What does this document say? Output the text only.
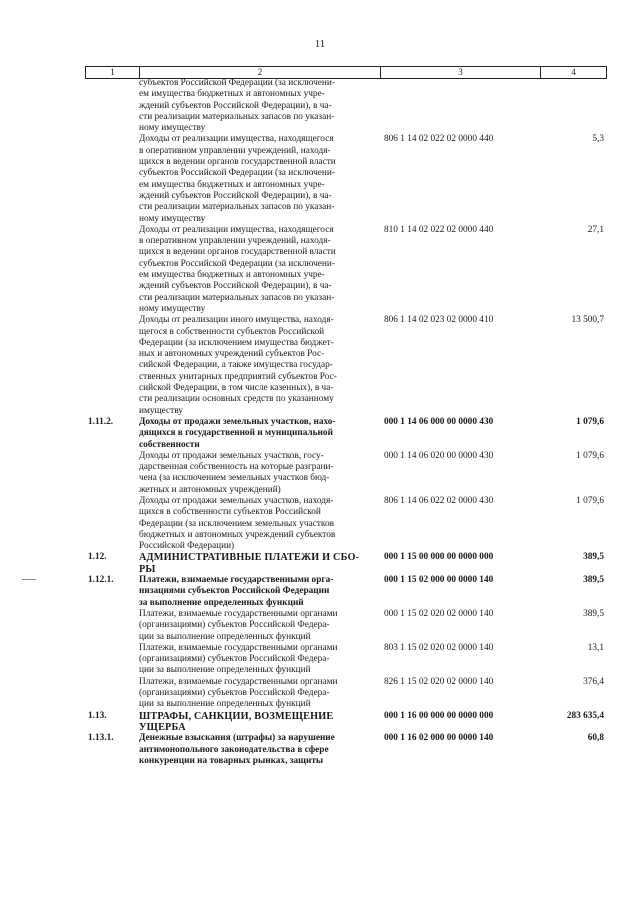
11
1	2	3	4
субъектов Российской Федерации (за исключени-
ем имущества бюджетных и автономных учре-
ждений субъектов Российской Федерации), в ча-
сти реализации материальных запасов по указан-
ному имуществу
Доходы от реализации имущества, находящегося
в оперативном управлении учреждений, находя-
щихся в ведении органов государственной власти
субъектов Российской Федерации (за исключени-
ем имущества бюджетных и автономных учре-
ждений субъектов Российской Федерации), в ча-
сти реализации материальных запасов по указан-
ному имуществу
806 1 14 02 022 02 0000 440	5,3
Доходы от реализации имущества, находящегося
в оперативном управлении учреждений, находя-
щихся в ведении органов государственной власти
субъектов Российской Федерации (за исключени-
ем имущества бюджетных и автономных учре-
ждений субъектов Российской Федерации), в ча-
сти реализации материальных запасов по указан-
ному имуществу
810 1 14 02 022 02 0000 440	27,1
Доходы от реализации иного имущества, находя-
щегося в собственности субъектов Российской
Федерации (за исключением имущества бюджет-
ных и автономных учреждений субъектов Рос-
сийской Федерации, а также имущества государ-
ственных унитарных предприятий субъектов Рос-
сийской Федерации, в том числе казенных), в ча-
сти реализации основных средств по указанному
имуществу
806 1 14 02 023 02 0000 410	13 500,7
1.11.2.	Доходы от продажи земельных участков, нахо-
дящихся в государственной и муниципальной
собственности
000 1 14 06 000 00 0000 430	1 079,6
Доходы от продажи земельных участков, госу-
дарственная собственность на которые разграни-
чена (за исключением земельных участков бюд-
жетных и автономных учреждений)
000 1 14 06 020 00 0000 430	1 079,6
Доходы от продажи земельных участков, находя-
щихся в собственности субъектов Российской
Федерации (за исключением земельных участков
бюджетных и автономных учреждений субъектов
Российской Федерации)
806 1 14 06 022 02 0000 430	1 079,6
1.12.	АДМИНИСТРАТИВНЫЕ ПЛАТЕЖИ И СБО-
РЫ
000 1 15 00 000 00 0000 000	389,5
1.12.1.	Платежи, взимаемые государственными орга-
низациями субъектов Российской Федерации
за выполнение определенных функций
000 1 15 02 000 00 0000 140	389,5
Платежи, взимаемые государственными органами
(организациями) субъектов Российской Федера-
ции за выполнение определенных функций
000 1 15 02 020 02 0000 140	389,5
Платежи, взимаемые государственными органами
(организациями) субъектов Российской Федера-
ции за выполнение определенных функций
803 1 15 02 020 02 0000 140	13,1
Платежи, взимаемые государственными органами
(организациями) субъектов Российской Федера-
ции за выполнение определенных функций
826 1 15 02 020 02 0000 140	376,4
1.13.	ШТРАФЫ, САНКЦИИ, ВОЗМЕЩЕНИЕ
УЩЕРБА
000 1 16 00 000 00 0000 000	283 635,4
1.13.1.	Денежные взыскания (штрафы) за нарушение
антимонопольного законодательства в сфере
конкуренции на товарных рынках, защиты
000 1 16 02 000 00 0000 140	60,8
